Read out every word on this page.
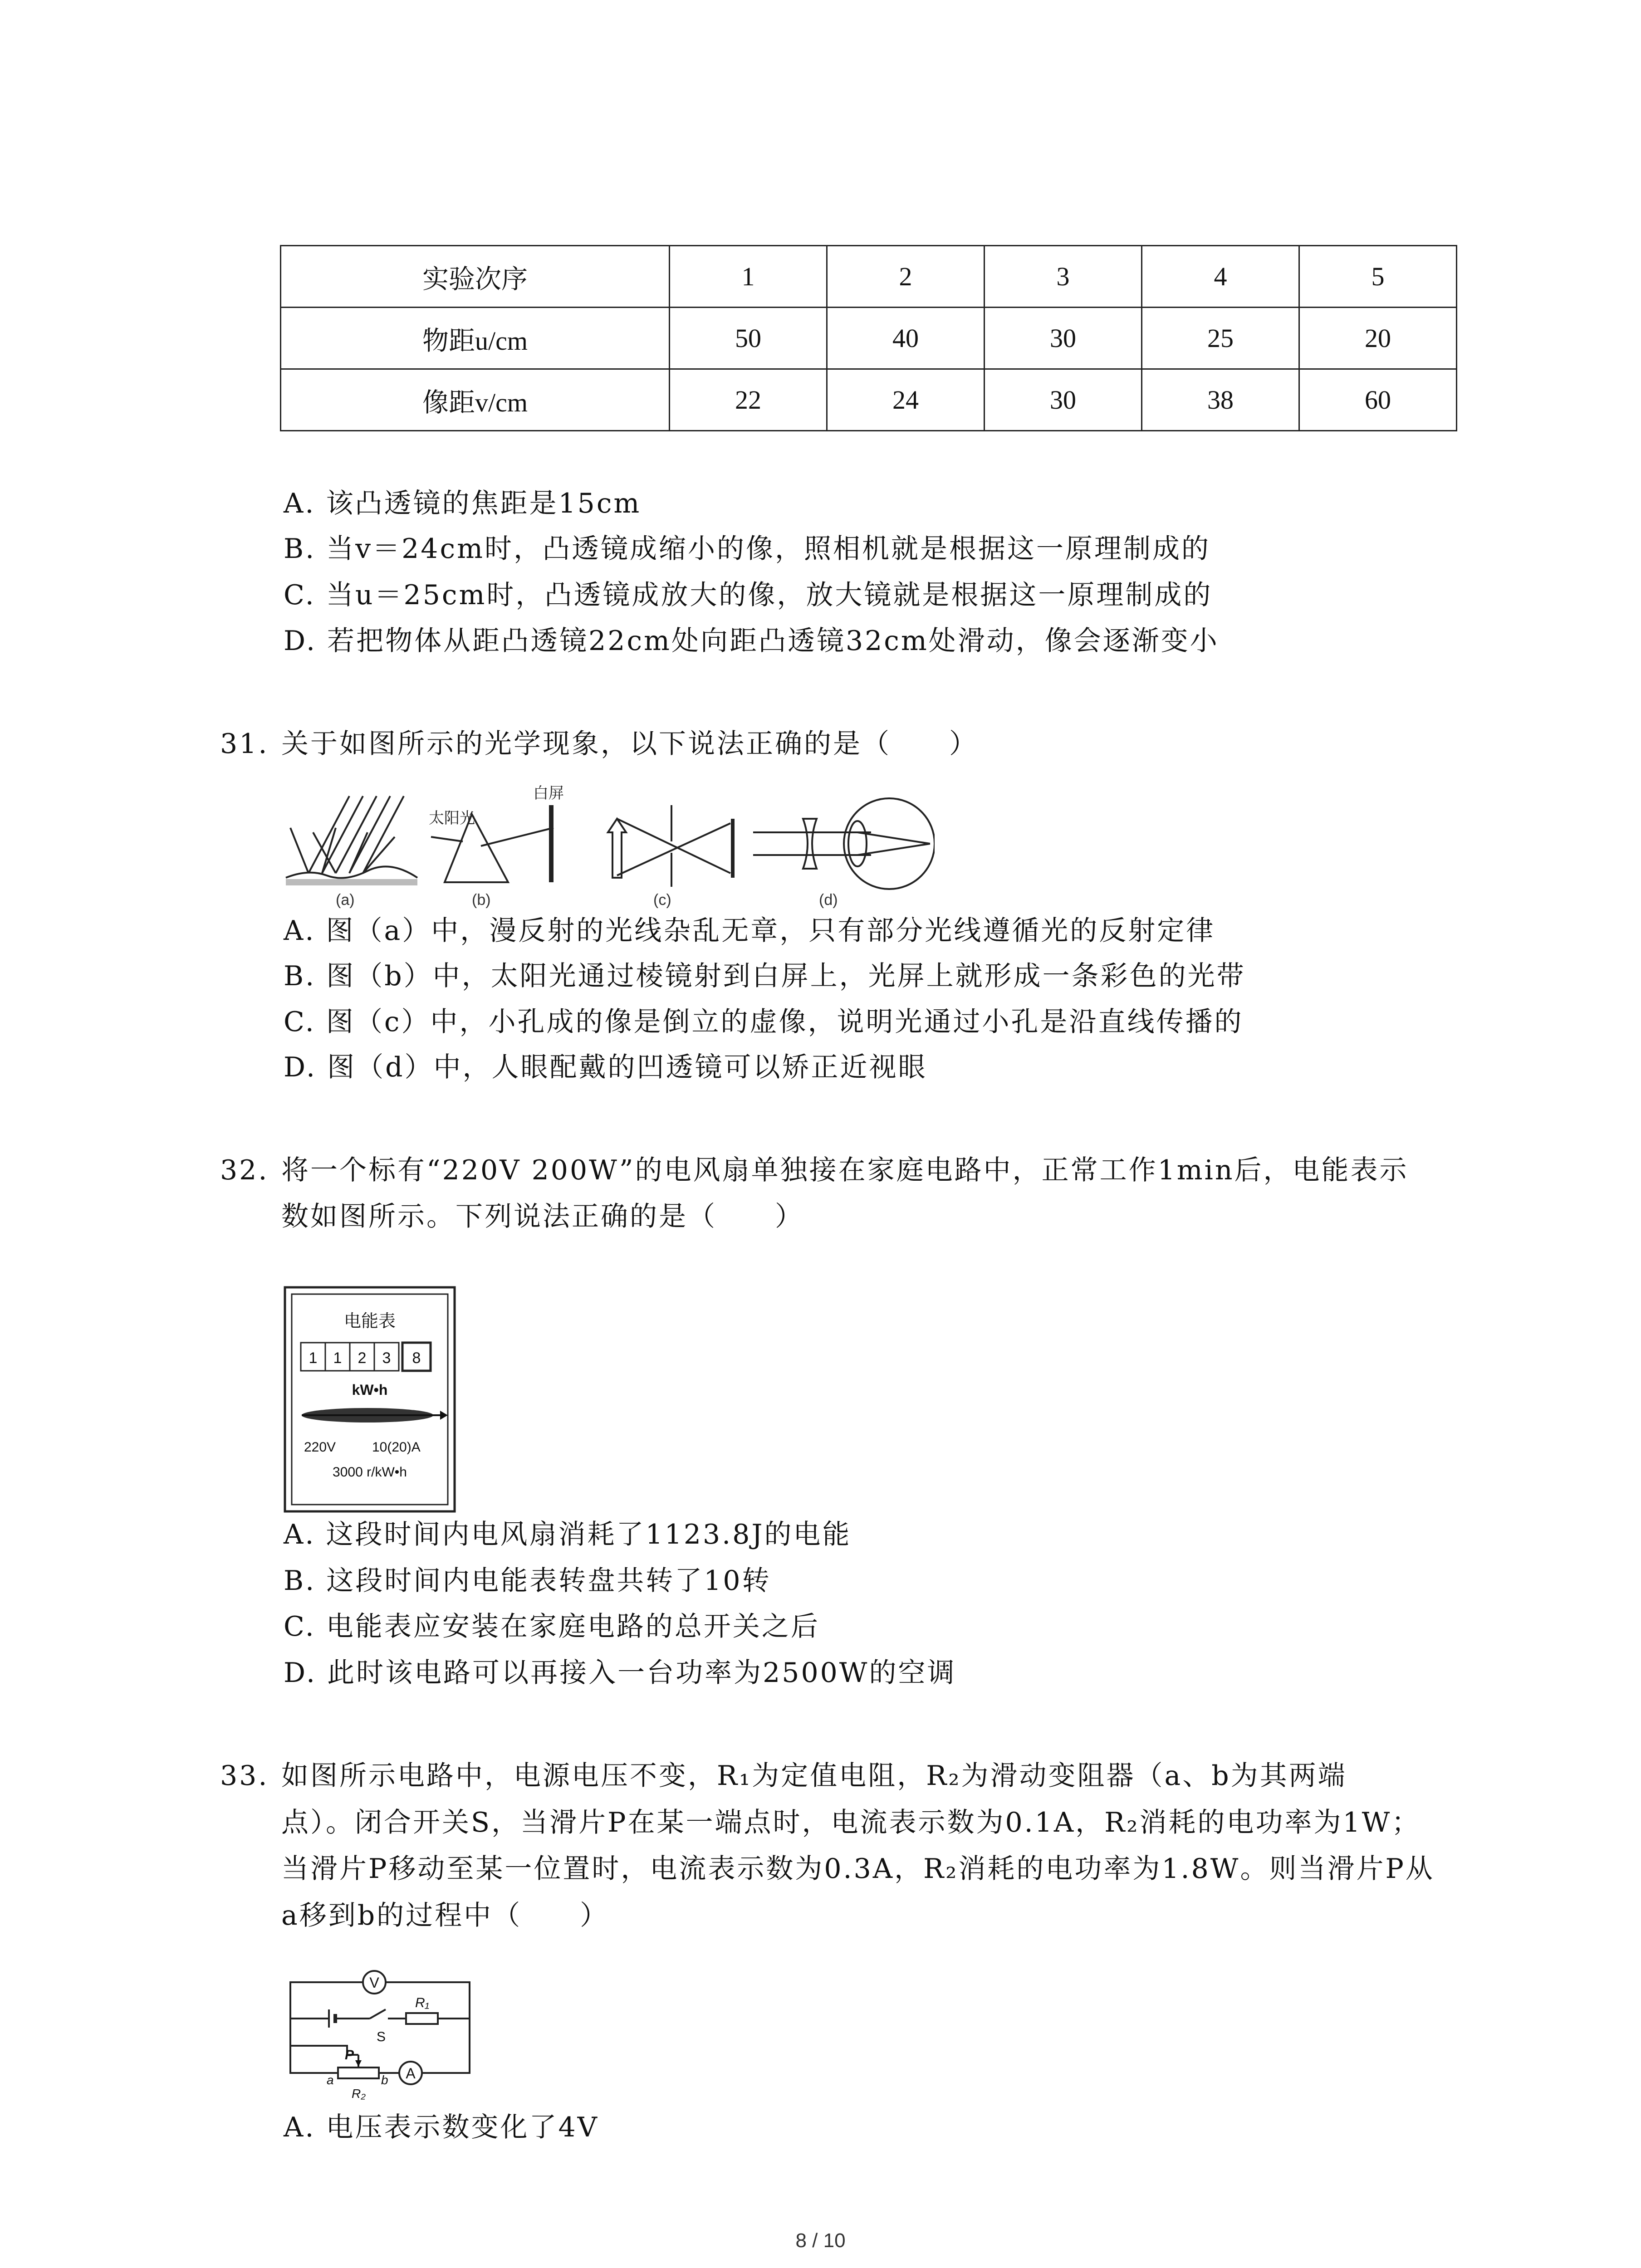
实验次序	1	2	3	4	5
物距u/cm	50	40	30	25	20
像距v/cm	22	24	30	38	60
A. 该凸透镜的焦距是15cm
B. 当v＝24cm时，凸透镜成缩小的像，照相机就是根据这一原理制成的
C. 当u＝25cm时，凸透镜成放大的像，放大镜就是根据这一原理制成的
D. 若把物体从距凸透镜22cm处向距凸透镜32cm处滑动，像会逐渐变小
31. 关于如图所示的光学现象，以下说法正确的是（　　）
(a)
太阳光
白屏
(b)	(c)	(d)
A. 图（a）中，漫反射的光线杂乱无章，只有部分光线遵循光的反射定律
B. 图（b）中，太阳光通过棱镜射到白屏上，光屏上就形成一条彩色的光带
C. 图（c）中，小孔成的像是倒立的虚像，说明光通过小孔是沿直线传播的
D. 图（d）中，人眼配戴的凹透镜可以矫正近视眼
32. 将一个标有“220V 200W”的电风扇单独接在家庭电路中，正常工作1min后，电能表示
数如图所示。下列说法正确的是（　　）
电能表
1 1 2 3 8
kW•h
220V	10(20)A
3000 r/kW•h
A. 这段时间内电风扇消耗了1123.8J的电能
B. 这段时间内电能表转盘共转了10转
C. 电能表应安装在家庭电路的总开关之后
D. 此时该电路可以再接入一台功率为2500W的空调
33. 如图所示电路中，电源电压不变，R₁为定值电阻，R₂为滑动变阻器（a、b为其两端
点）。闭合开关S，当滑片P在某一端点时，电流表示数为0.1A，R₂消耗的电功率为1W；
当滑片P移动至某一位置时，电流表示数为0.3A，R₂消耗的电功率为1.8W。则当滑片P从
a移到b的过程中（　　）
V
A
R₁
S
P
a	b
R₂
A. 电压表示数变化了4V
8 / 10
